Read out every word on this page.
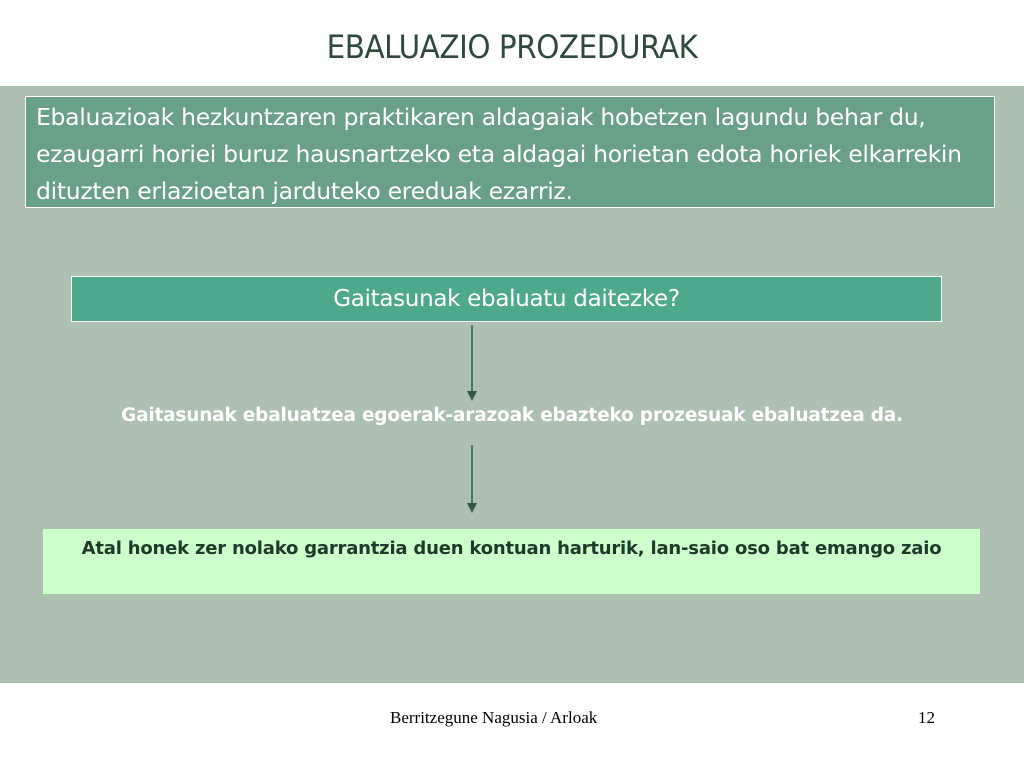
EBALUAZIO PROZEDURAK
Ebaluazioak hezkuntzaren praktikaren aldagaiak hobetzen lagundu behar du, ezaugarri horiei buruz hausnartzeko eta aldagai horietan edota horiek elkarrekin dituzten erlazioetan jarduteko ereduak ezarriz.
Gaitasunak ebaluatu daitezke?
Gaitasunak ebaluatzea egoerak-arazoak ebazteko prozesuak ebaluatzea da.
Atal honek zer nolako garrantzia duen kontuan harturik, lan-saio oso bat emango zaio
Berritzegune Nagusia / Arloak	12
